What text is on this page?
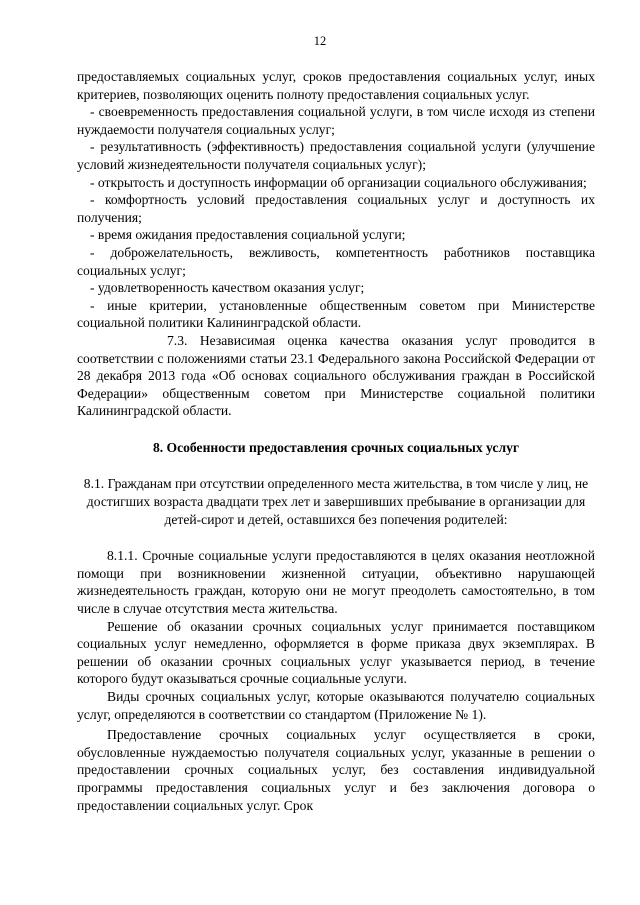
12

предоставляемых социальных услуг, сроков предоставления социальных услуг, иных критериев, позволяющих оценить полноту предоставления социальных услуг.

- своевременность предоставления социальной услуги, в том числе исходя из степени нуждаемости получателя социальных услуг;

- результативность (эффективность) предоставления социальной услуги (улучшение условий жизнедеятельности получателя социальных услуг);

- открытость и доступность информации об организации социального обслуживания;

- комфортность условий предоставления социальных услуг и доступность их получения;

- время ожидания предоставления социальной услуги;

- доброжелательность, вежливость, компетентность работников поставщика социальных услуг;

- удовлетворенность качеством оказания услуг;

- иные критерии, установленные общественным советом при Министерстве социальной политики Калининградской области.

7.3. Независимая оценка качества оказания услуг проводится в соответствии с положениями статьи 23.1 Федерального закона Российской Федерации от 28 декабря 2013 года «Об основах социального обслуживания граждан в Российской Федерации» общественным советом при Министерстве социальной политики Калининградской области.

8. Особенности предоставления срочных социальных услуг

8.1. Гражданам при отсутствии определенного места жительства, в том числе у лиц, не достигших возраста двадцати трех лет и завершивших пребывание в организации для детей-сирот и детей, оставшихся без попечения родителей:

8.1.1. Срочные социальные услуги предоставляются в целях оказания неотложной помощи при возникновении жизненной ситуации, объективно нарушающей жизнедеятельность граждан, которую они не могут преодолеть самостоятельно, в том числе в случае отсутствия места жительства.

Решение об оказании срочных социальных услуг принимается поставщиком социальных услуг немедленно, оформляется в форме приказа двух экземплярах. В решении об оказании срочных социальных услуг указывается период, в течение которого будут оказываться срочные социальные услуги.

Виды срочных социальных услуг, которые оказываются получателю социальных услуг, определяются в соответствии со стандартом (Приложение № 1).

Предоставление срочных социальных услуг осуществляется в сроки, обусловленные нуждаемостью получателя социальных услуг, указанные в решении о предоставлении срочных социальных услуг, без составления индивидуальной программы предоставления социальных услуг и без заключения договора о предоставлении социальных услуг. Срок
